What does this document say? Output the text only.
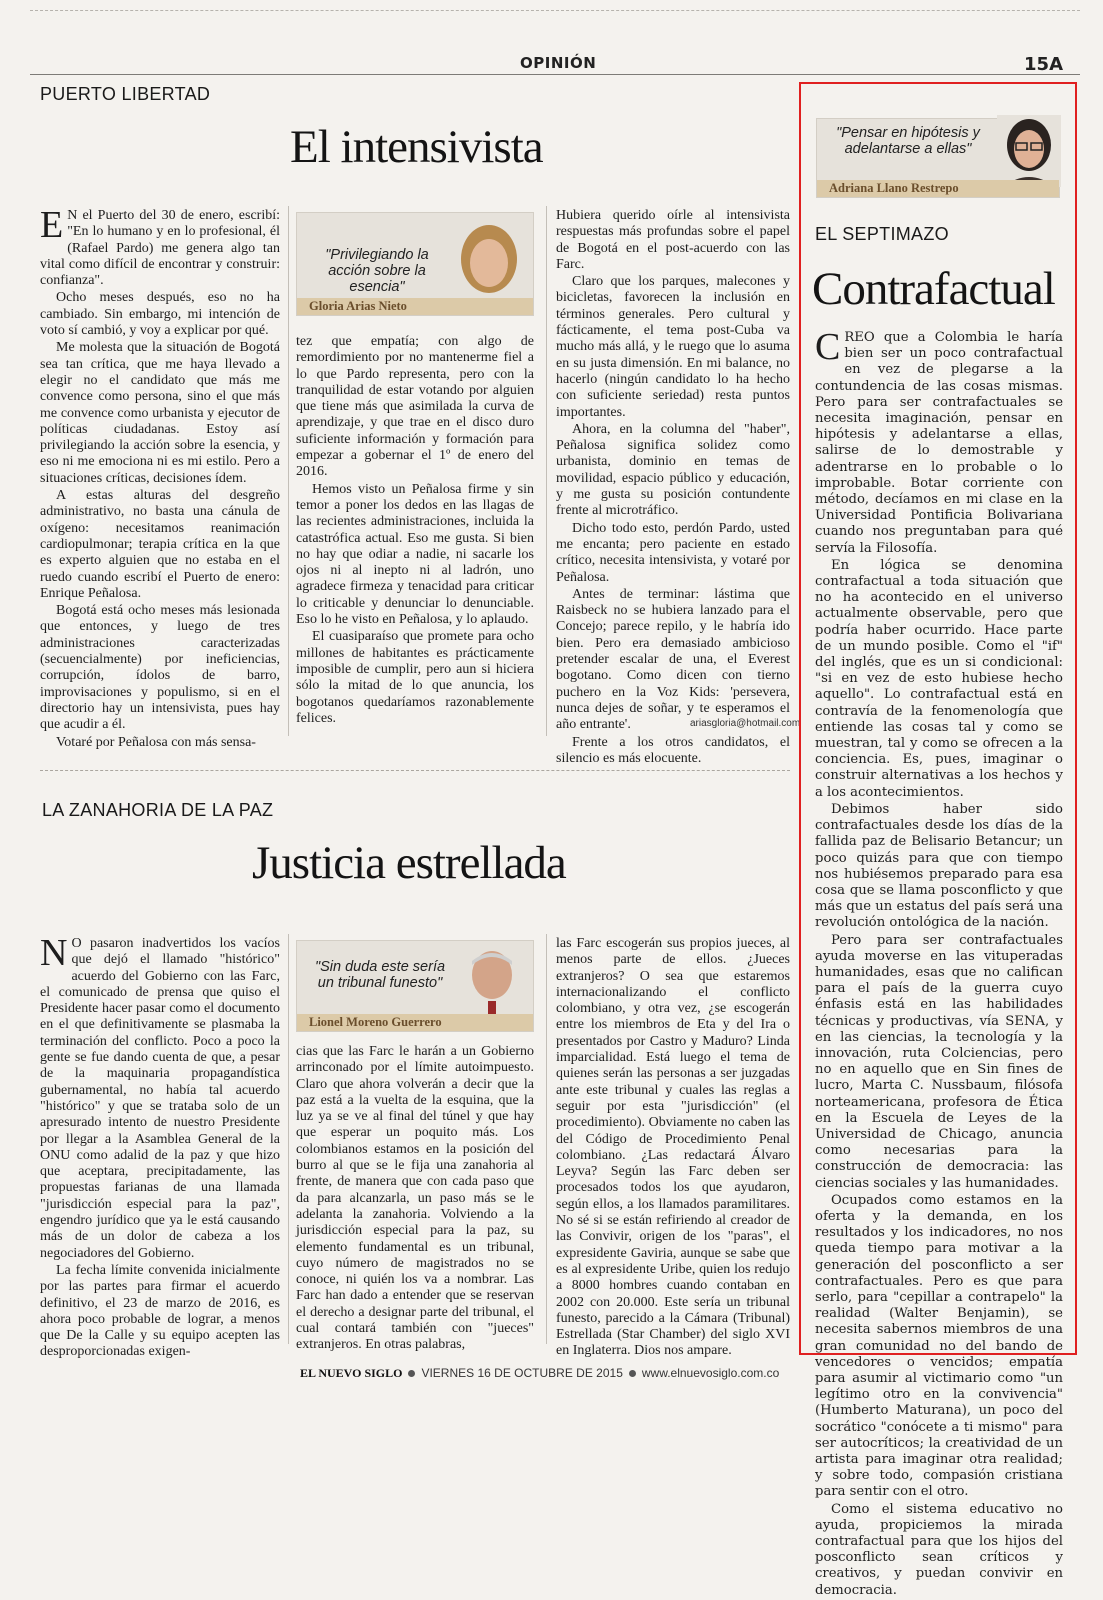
OPINIÓN	15A
PUERTO LIBERTAD
El intensivista

E N el Puerto del 30 de enero, escribí: "En lo humano y en lo profesional, él (Rafael Pardo) me genera algo tan vital como difícil de encontrar y construir: confianza".

Ocho meses después, eso no ha cambiado. Sin embargo, mi intención de voto sí cambió, y voy a explicar por qué.

Me molesta que la situación de Bogotá sea tan crítica, que me haya llevado a elegir no el candidato que más me convence como persona, sino el que más me convence como urbanista y ejecutor de políticas ciudadanas. Estoy así privilegiando la acción sobre la esencia, y eso ni me emociona ni es mi estilo. Pero a situaciones críticas, decisiones ídem.

A estas alturas del desgreño administrativo, no basta una cánula de oxígeno: necesitamos reanimación cardiopulmonar; terapia crítica en la que es experto alguien que no estaba en el ruedo cuando escribí el Puerto de enero: Enrique Peñalosa.

Bogotá está ocho meses más lesionada que entonces, y luego de tres administraciones caracterizadas (secuencialmente) por ineficiencias, corrupción, ídolos de barro, improvisaciones y populismo, si en el directorio hay un intensivista, pues hay que acudir a él.

Votaré por Peñalosa con más sensa-

"Privilegiando la acción sobre la esencia"
Gloria Arias Nieto

tez que empatía; con algo de remordimiento por no mantenerme fiel a lo que Pardo representa, pero con la tranquilidad de estar votando por alguien que tiene más que asimilada la curva de aprendizaje, y que trae en el disco duro suficiente información y formación para empezar a gobernar el 1º de enero del 2016.

Hemos visto un Peñalosa firme y sin temor a poner los dedos en las llagas de las recientes administraciones, incluida la catastrófica actual. Eso me gusta. Si bien no hay que odiar a nadie, ni sacarle los ojos ni al inepto ni al ladrón, uno agradece firmeza y tenacidad para criticar lo criticable y denunciar lo denunciable. Eso lo he visto en Peñalosa, y lo aplaudo.

El cuasiparaíso que promete para ocho millones de habitantes es prácticamente imposible de cumplir, pero aun si hiciera sólo la mitad de lo que anuncia, los bogotanos quedaríamos razonablemente felices.

Hubiera querido oírle al intensivista respuestas más profundas sobre el papel de Bogotá en el post-acuerdo con las Farc.

Claro que los parques, malecones y bicicletas, favorecen la inclusión en términos generales. Pero cultural y fácticamente, el tema post-Cuba va mucho más allá, y le ruego que lo asuma en su justa dimensión. En mi balance, no hacerlo (ningún candidato lo ha hecho con suficiente seriedad) resta puntos importantes.

Ahora, en la columna del "haber", Peñalosa significa solidez como urbanista, dominio en temas de movilidad, espacio público y educación, y me gusta su posición contundente frente al microtráfico.

Dicho todo esto, perdón Pardo, usted me encanta; pero paciente en estado crítico, necesita intensivista, y votaré por Peñalosa.

Antes de terminar: lástima que Raisbeck no se hubiera lanzado para el Concejo; parece repilo, y le habría ido bien. Pero era demasiado ambicioso pretender escalar de una, el Everest bogotano. Como dicen con tierno puchero en la Voz Kids: 'persevera, nunca dejes de soñar, y te esperamos el año entrante'.

Frente a los otros candidatos, el silencio es más elocuente.

ariasgloria@hotmail.com
LA ZANAHORIA DE LA PAZ
Justicia estrellada

N O pasaron inadvertidos los vacíos que dejó el llamado "histórico" acuerdo del Gobierno con las Farc, el comunicado de prensa que quiso el Presidente hacer pasar como el documento en el que definitivamente se plasmaba la terminación del conflicto. Poco a poco la gente se fue dando cuenta de que, a pesar de la maquinaria propagandística gubernamental, no había tal acuerdo "histórico" y que se trataba solo de un apresurado intento de nuestro Presidente por llegar a la Asamblea General de la ONU como adalid de la paz y que hizo que aceptara, precipitadamente, las propuestas farianas de una llamada "jurisdicción especial para la paz", engendro jurídico que ya le está causando más de un dolor de cabeza a los negociadores del Gobierno.

La fecha límite convenida inicialmente por las partes para firmar el acuerdo definitivo, el 23 de marzo de 2016, es ahora poco probable de lograr, a menos que De la Calle y su equipo acepten las desproporcionadas exigen-

"Sin duda este sería un tribunal funesto"
Lionel Moreno Guerrero

cias que las Farc le harán a un Gobierno arrinconado por el límite autoimpuesto. Claro que ahora volverán a decir que la paz está a la vuelta de la esquina, que la luz ya se ve al final del túnel y que hay que esperar un poquito más. Los colombianos estamos en la posición del burro al que se le fija una zanahoria al frente, de manera que con cada paso que da para alcanzarla, un paso más se le adelanta la zanahoria. Volviendo a la jurisdicción especial para la paz, su elemento fundamental es un tribunal, cuyo número de magistrados no se conoce, ni quién los va a nombrar. Las Farc han dado a entender que se reservan el derecho a designar parte del tribunal, el cual contará también con "jueces" extranjeros. En otras palabras,

las Farc escogerán sus propios jueces, al menos parte de ellos. ¿Jueces extranjeros? O sea que estaremos internacionalizando el conflicto colombiano, y otra vez, ¿se escogerán entre los miembros de Eta y del Ira o presentados por Castro y Maduro? Linda imparcialidad. Está luego el tema de quienes serán las personas a ser juzgadas ante este tribunal y cuales las reglas a seguir por esta "jurisdicción" (el procedimiento). Obviamente no caben las del Código de Procedimiento Penal colombiano. ¿Las redactará Álvaro Leyva? Según las Farc deben ser procesados todos los que ayudaron, según ellos, a los llamados paramilitares. No sé si se están refiriendo al creador de las Convivir, origen de los "paras", el expresidente Gaviria, aunque se sabe que es al expresidente Uribe, quien los redujo a 8000 hombres cuando contaban en 2002 con 20.000. Este sería un tribunal funesto, parecido a la Cámara (Tribunal) Estrellada (Star Chamber) del siglo XVI en Inglaterra. Dios nos ampare.

"Pensar en hipótesis y adelantarse a ellas"
Adriana Llano Restrepo
EL SEPTIMAZO
Contrafactual

CREO que a Colombia le haría bien ser un poco contrafactual en vez de plegarse a la contundencia de las cosas mismas. Pero para ser contrafactuales se necesita imaginación, pensar en hipótesis y adelantarse a ellas, salirse de lo demostrable y adentrarse en lo probable o lo improbable. Botar corriente con método, decíamos en mi clase en la Universidad Pontificia Bolivariana cuando nos preguntaban para qué servía la Filosofía.

En lógica se denomina contrafactual a toda situación que no ha acontecido en el universo actualmente observable, pero que podría haber ocurrido. Hace parte de un mundo posible. Como el "if" del inglés, que es un si condicional: "si en vez de esto hubiese hecho aquello". Lo contrafactual está en contravía de la fenomenología que entiende las cosas tal y como se muestran, tal y como se ofrecen a la conciencia. Es, pues, imaginar o construir alternativas a los hechos y a los acontecimientos.

Debimos haber sido contrafactuales desde los días de la fallida paz de Belisario Betancur; un poco quizás para que con tiempo nos hubiésemos preparado para esa cosa que se llama posconflicto y que más que un estatus del país será una revolución ontológica de la nación.

Pero para ser contrafactuales ayuda moverse en las vituperadas humanidades, esas que no califican para el país de la guerra cuyo énfasis está en las habilidades técnicas y productivas, vía SENA, y en las ciencias, la tecnología y la innovación, ruta Colciencias, pero no en aquello que en Sin fines de lucro, Marta C. Nussbaum, filósofa norteamericana, profesora de Ética en la Escuela de Leyes de la Universidad de Chicago, anuncia como necesarias para la construcción de democracia: las ciencias sociales y las humanidades.

Ocupados como estamos en la oferta y la demanda, en los resultados y los indicadores, no nos queda tiempo para motivar a la generación del posconflicto a ser contrafactuales. Pero es que para serlo, para "cepillar a contrapelo" la realidad (Walter Benjamin), se necesita sabernos miembros de una gran comunidad no del bando de vencedores o vencidos; empatía para asumir al victimario como "un legítimo otro en la convivencia" (Humberto Maturana), un poco del socrático "conócete a ti mismo" para ser autocríticos; la creatividad de un artista para imaginar otra realidad; y sobre todo, compasión cristiana para sentir con el otro.

Como el sistema educativo no ayuda, propiciemos la mirada contrafactual para que los hijos del posconflicto sean críticos y creativos, y puedan convivir en democracia.

EL NUEVO SIGLO VIERNES 16 DE OCTUBRE DE 2015 www.elnuevosiglo.com.co
